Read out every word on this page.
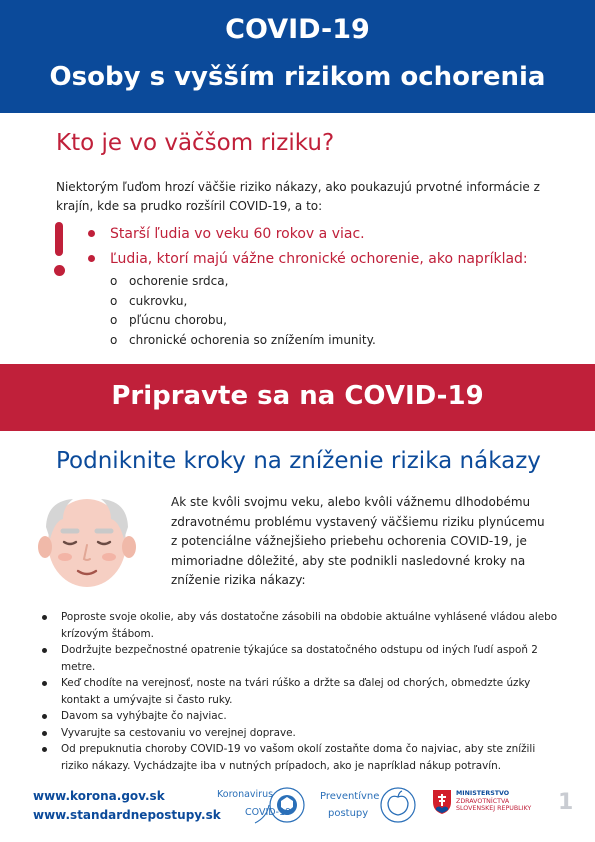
COVID-19
Osoby s vyšším rizikom ochorenia
Kto je vo väčšom riziku?
Niektorým ľuďom hrozí väčšie riziko nákazy, ako poukazujú prvotné informácie z krajín, kde sa prudko rozšíril COVID-19, a to:
Starší ľudia vo veku 60 rokov a viac.
Ľudia, ktorí majú vážne chronické ochorenie, ako napríklad:
o ochorenie srdca,
o cukrovku,
o pľúcnu chorobu,
o chronické ochorenia so znížením imunity.
Pripravte sa na COVID-19
Podniknite kroky na zníženie rizika nákazy
Ak ste kvôli svojmu veku, alebo kvôli vážnemu dlhodobému zdravotnému problému vystavený väčšiemu riziku plynúcemu z potenciálne vážnejšieho priebehu ochorenia COVID-19, je mimoriadne dôležité, aby ste podnikli nasledovné kroky na zníženie rizika nákazy:
Poproste svoje okolie, aby vás dostatočne zásobili na obdobie aktuálne vyhlásené vládou alebo krízovým štábom.
Dodržujte bezpečnostné opatrenie týkajúce sa dostatočného odstupu od iných ľudí aspoň 2 metre.
Keď chodíte na verejnosť, noste na tvári rúško a držte sa ďalej od chorých, obmedzte úzky kontakt a umývajte si často ruky.
Davom sa vyhýbajte čo najviac.
Vyvarujte sa cestovaniu vo verejnej doprave.
Od prepuknutia choroby COVID-19 vo vašom okolí zostaňte doma čo najviac, aby ste znížili riziko nákazy. Vychádzajte iba v nutných prípadoch, ako je napríklad nákup potravín.
www.korona.gov.sk
www.standardnepostupy.sk
Koronavirus
COVID-19
Preventívne
postupy
MINISTERSTVO
ZDRAVOTNÍCTVA
SLOVENSKEJ REPUBLIKY 1
